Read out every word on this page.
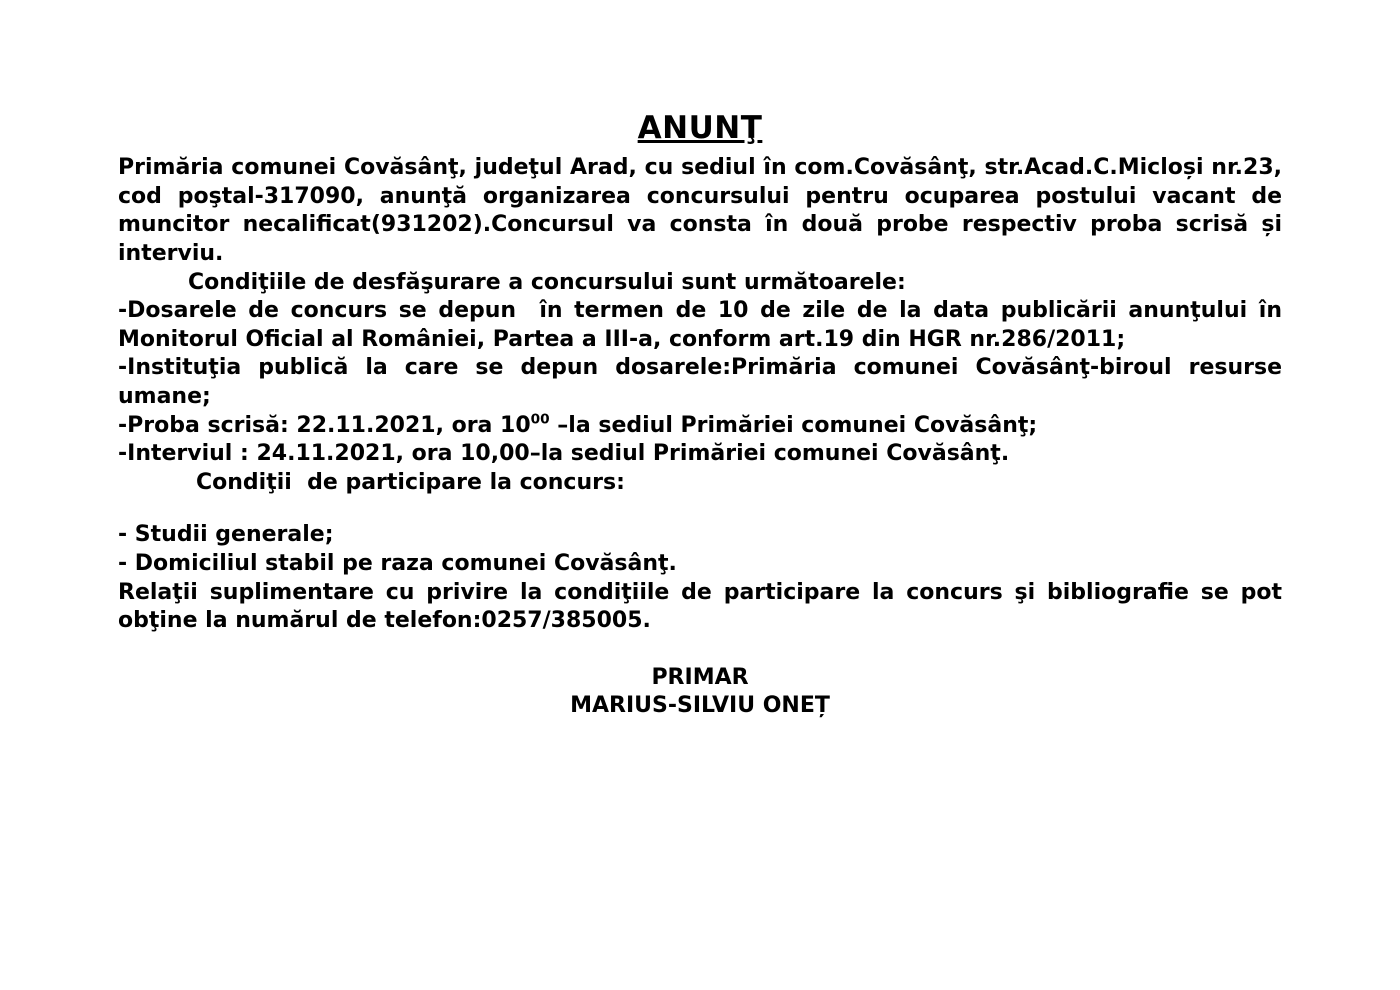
ANUNŢ

Primăria comunei Covăsânţ, judeţul Arad, cu sediul în com.Covăsânţ, str.Acad.C.Micloși nr.23, cod poştal-317090, anunţă organizarea concursului pentru ocuparea postului vacant de muncitor necalificat(931202).Concursul va consta în două probe respectiv proba scrisă și interviu.

Condiţiile de desfăşurare a concursului sunt următoarele:

-Dosarele de concurs se depun  în termen de 10 de zile de la data publicării anunţului în Monitorul Oficial al României, Partea a III-a, conform art.19 din HGR nr.286/2011;

-Instituţia publică la care se depun dosarele:Primăria comunei Covăsânţ-biroul resurse umane;

-Proba scrisă: 22.11.2021, ora $10^{00}$ –la sediul Primăriei comunei Covăsânţ;

-Interviul : 24.11.2021, ora 10,00–la sediul Primăriei comunei Covăsânţ.

Condiţii  de participare la concurs:

- Studii generale;

- Domiciliul stabil pe raza comunei Covăsânţ.

Relaţii suplimentare cu privire la condiţiile de participare la concurs şi bibliografie se pot obţine la numărul de telefon:0257/385005.

PRIMAR

MARIUS-SILVIU ONEȚ
